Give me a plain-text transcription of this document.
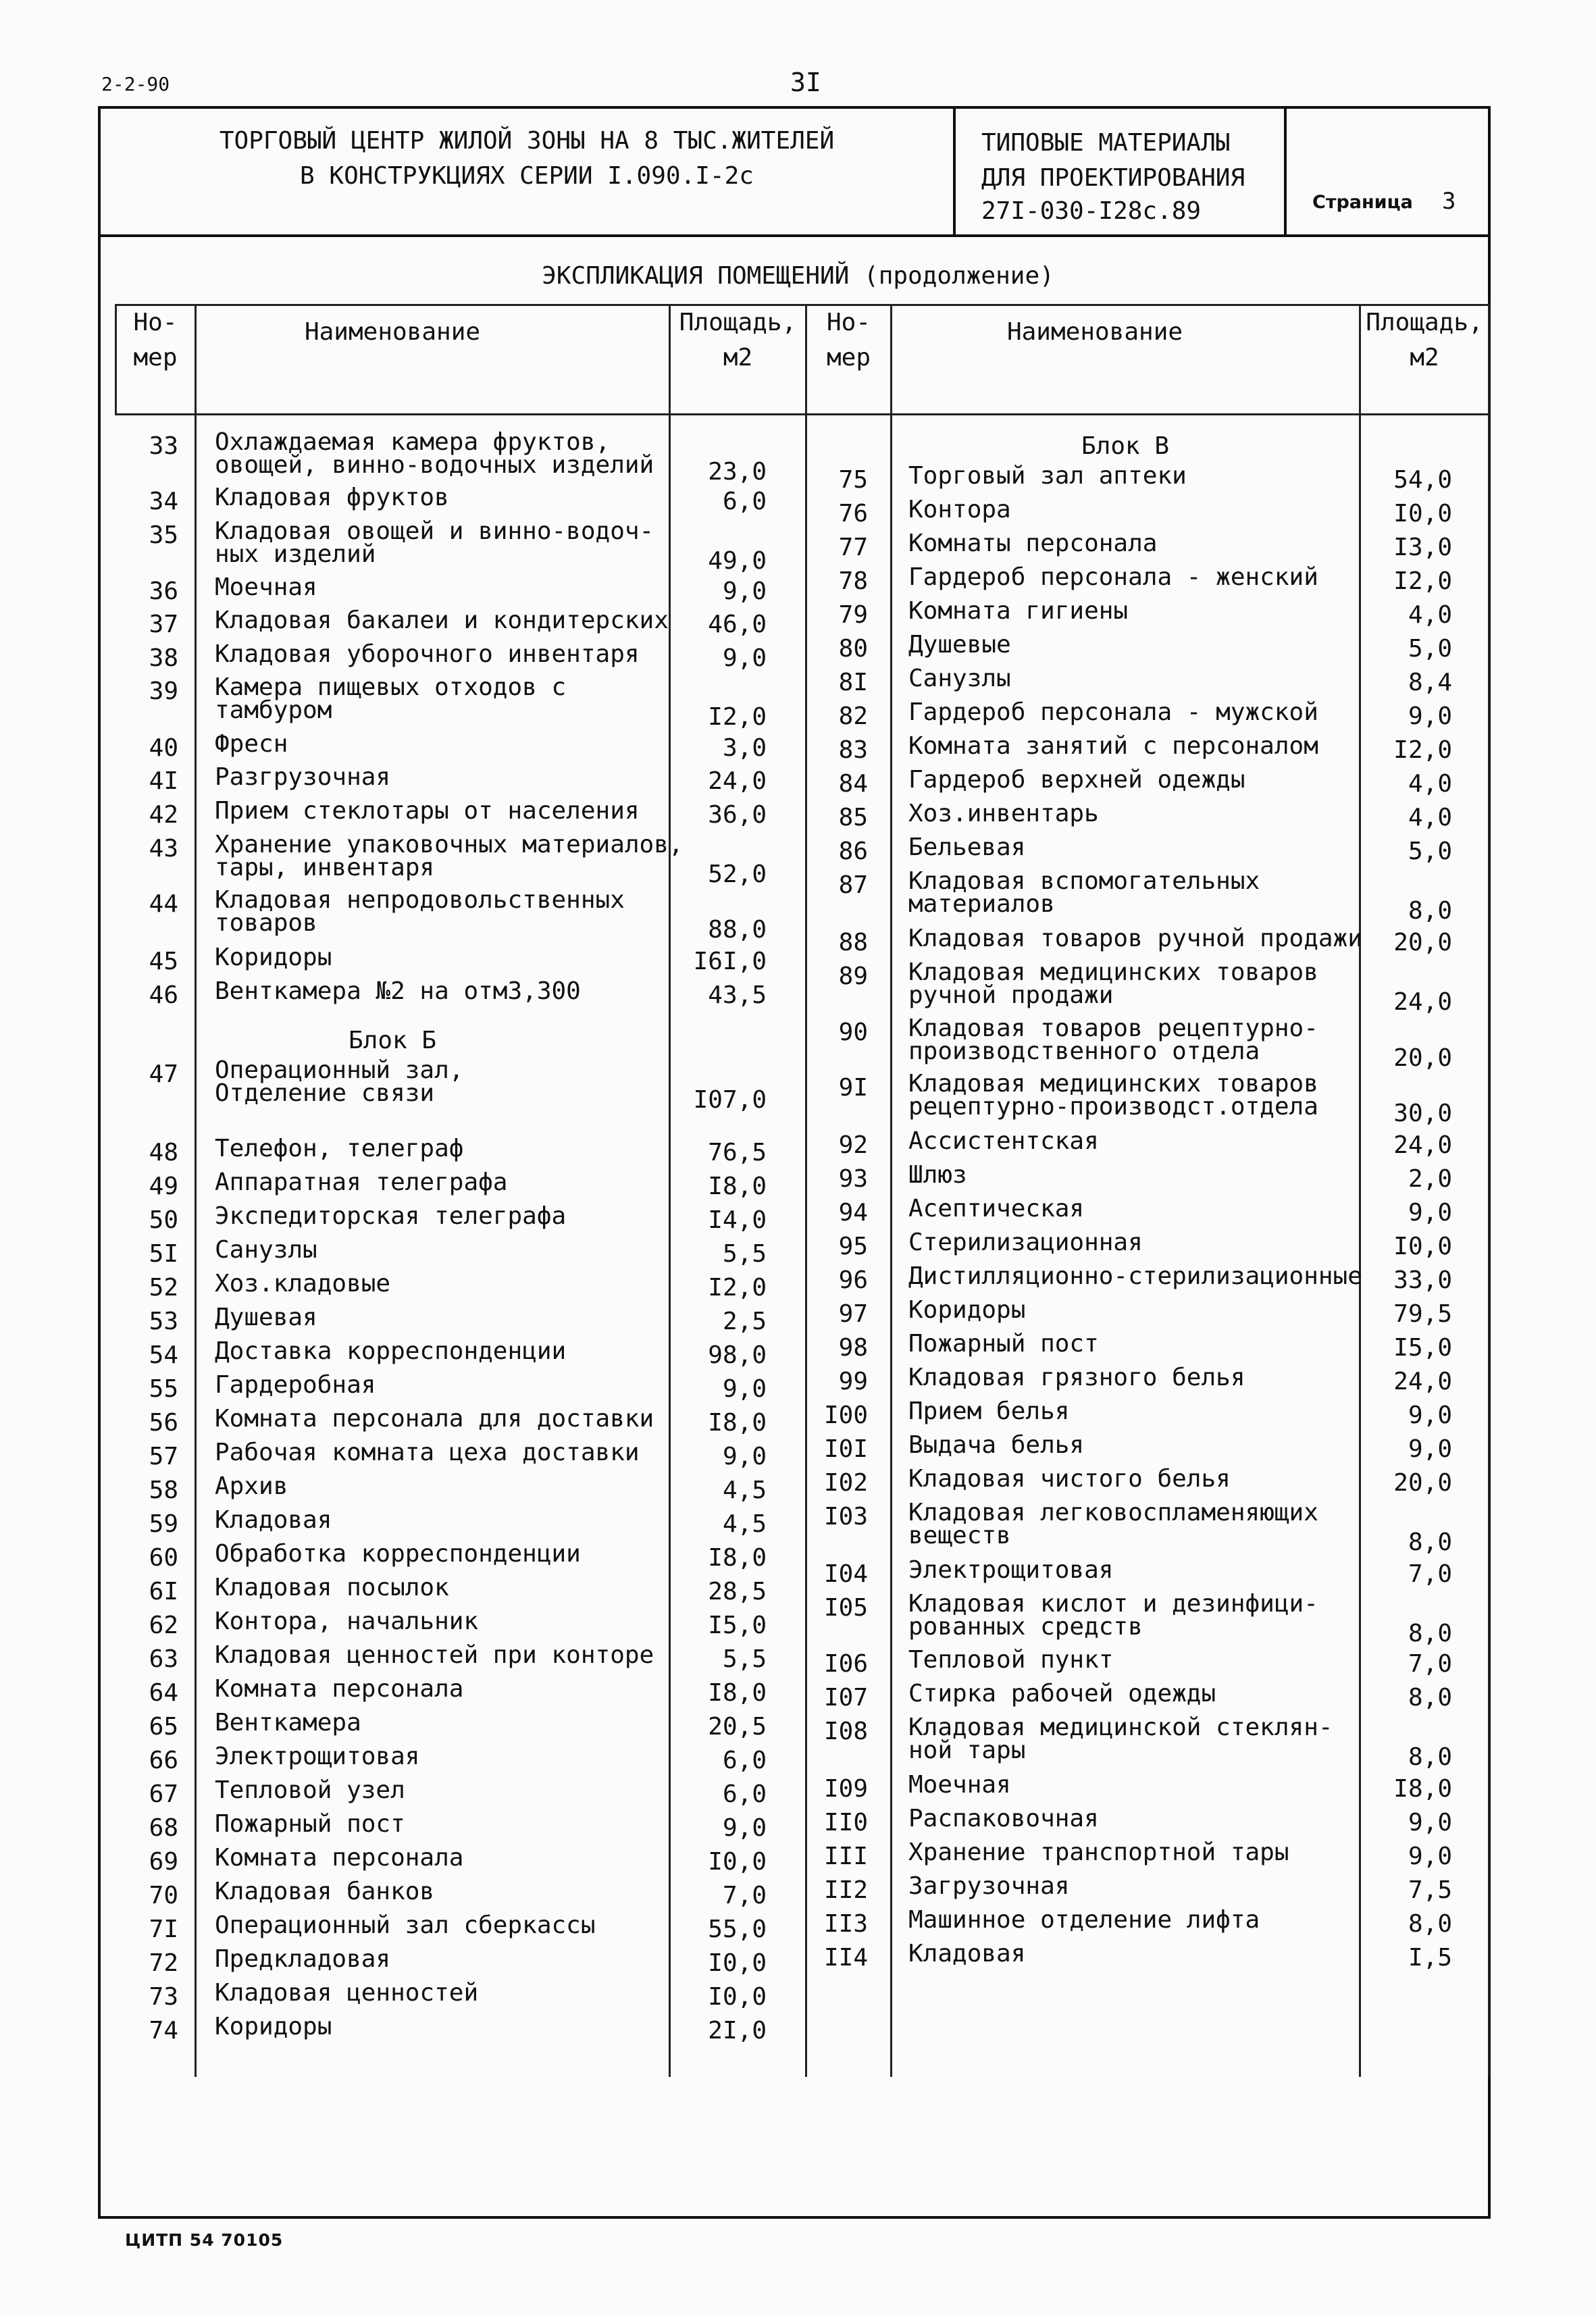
2-2-90	3I
ТОРГОВЫЙ ЦЕНТР ЖИЛОЙ ЗОНЫ НА 8 ТЫС.ЖИТЕЛЕЙ
В КОНСТРУКЦИЯХ СЕРИИ I.090.I-2с
ТИПОВЫЕ МАТЕРИАЛЫ
ДЛЯ ПРОЕКТИРОВАНИЯ
27I-030-I28с.89	Страница 3
ЭКСПЛИКАЦИЯ ПОМЕЩЕНИЙ (продолжение)
Но-
мер
Наименование	Площадь,
м2
Но-
мер
Наименование	Площадь,
м2
33 Охлаждаемая камера фруктов,
овощей, винно-водочных изделий	23,0
34 Кладовая фруктов	6,0
35 Кладовая овощей и винно-водоч-
ных изделий	49,0
36 Моечная	9,0
37 Кладовая бакалеи и кондитерских	46,0
38 Кладовая уборочного инвентаря	9,0
39 Камера пищевых отходов с
тамбуром	I2,0
40 Фресн	3,0
4I Разгрузочная	24,0
42 Прием стеклотары от населения	36,0
43 Хранение упаковочных материалов,
тары, инвентаря	52,0
44 Кладовая непродовольственных
товаров	88,0
45 Коридоры	I6I,0
46 Венткамера №2 на отм3,300	43,5
47 Операционный зал,
Отделение связи	I07,0
48 Телефон, телеграф	76,5
49 Аппаратная телеграфа	I8,0
50 Экспедиторская телеграфа	I4,0
5I Санузлы	5,5
52 Хоз.кладовые	I2,0
53 Душевая	2,5
54 Доставка корреспонденции	98,0
55 Гардеробная	9,0
56 Комната персонала для доставки	I8,0
57 Рабочая комната цеха доставки	9,0
58 Архив	4,5
59 Кладовая	4,5
60 Обработка корреспонденции	I8,0
6I Кладовая посылок	28,5
62 Контора, начальник	I5,0
63 Кладовая ценностей при конторе	5,5
64 Комната персонала	I8,0
65 Венткамера	20,5
66 Электрощитовая	6,0
67 Тепловой узел	6,0
68 Пожарный пост	9,0
69 Комната персонала	I0,0
70 Кладовая банков	7,0
7I Операционный зал сберкассы	55,0
72 Предкладовая	I0,0
73 Кладовая ценностей	I0,0
74 Коридоры	2I,0
75 Торговый зал аптеки	54,0
76 Контора	I0,0
77 Комнаты персонала	I3,0
78 Гардероб персонала - женский	I2,0
79 Комната гигиены	4,0
80 Душевые	5,0
8I Санузлы	8,4
82 Гардероб персонала - мужской	9,0
83 Комната занятий с персоналом	I2,0
84 Гардероб верхней одежды	4,0
85 Хоз.инвентарь	4,0
86 Бельевая	5,0
87 Кладовая вспомогательных
материалов	8,0
88 Кладовая товаров ручной продажи	20,0
89 Кладовая медицинских товаров
ручной продажи	24,0
90 Кладовая товаров рецептурно-
производственного отдела	20,0
9I Кладовая медицинских товаров
рецептурно-производст.отдела	30,0
92 Ассистентская	24,0
93 Шлюз	2,0
94 Асептическая	9,0
95 Стерилизационная	I0,0
96 Дистилляционно-стерилизационные	33,0
97 Коридоры	79,5
98 Пожарный пост	I5,0
99 Кладовая грязного белья	24,0
I00 Прием белья	9,0
I0I Выдача белья	9,0
I02 Кладовая чистого белья	20,0
I03 Кладовая легковоспламеняющих
веществ	8,0
I04 Электрощитовая	7,0
I05 Кладовая кислот и дезинфици-
рованных средств	8,0
I06 Тепловой пункт	7,0
I07 Стирка рабочей одежды	8,0
I08 Кладовая медицинской стеклян-
ной тары	8,0
I09 Моечная	I8,0
II0 Распаковочная	9,0
III Хранение транспортной тары	9,0
II2 Загрузочная	7,5
II3 Машинное отделение лифта	8,0
II4 Кладовая	I,5
Блок Б
Блок В
ЦИТП 54 70105
